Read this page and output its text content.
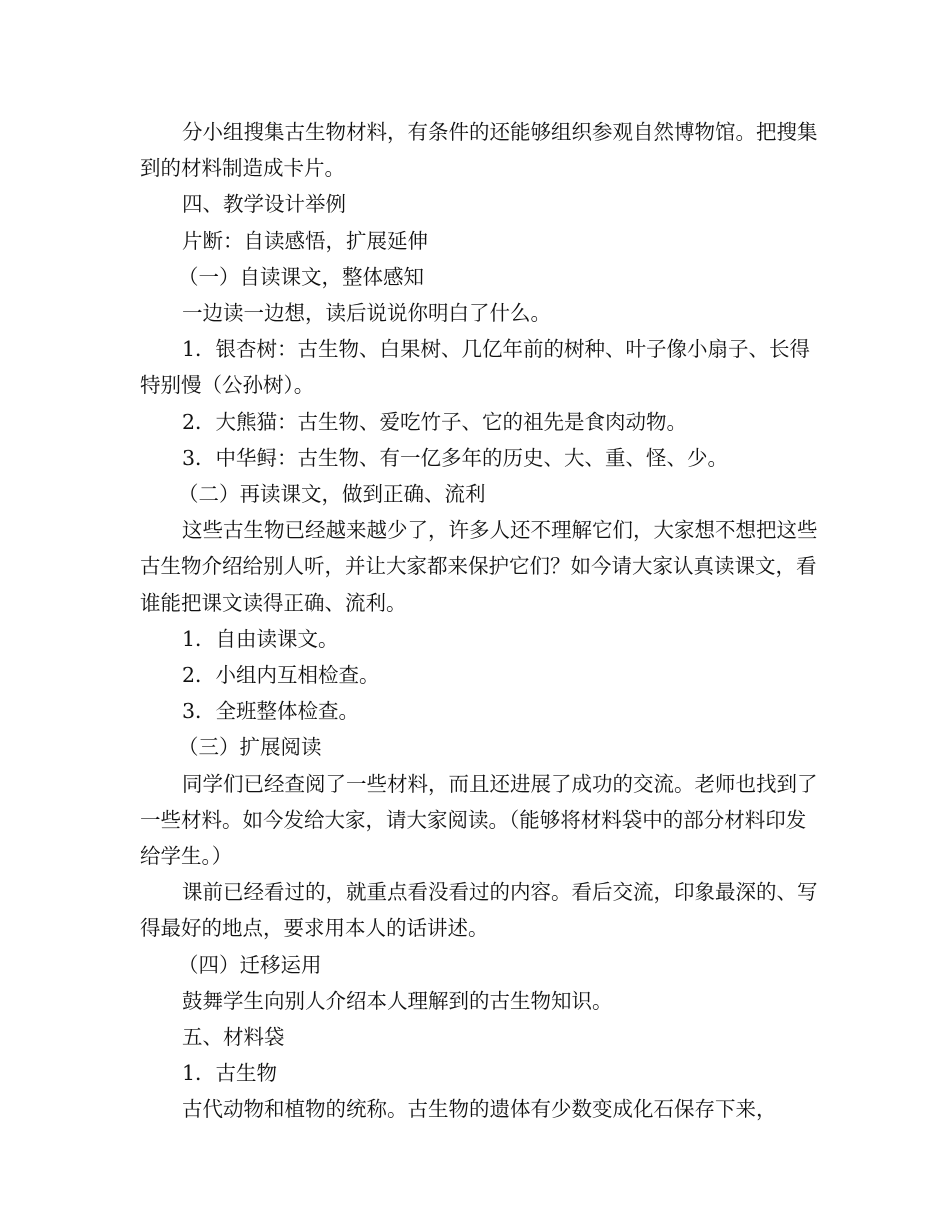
分小组搜集古生物材料，有条件的还能够组织参观自然博物馆。把搜集到的材料制造成卡片。

四、教学设计举例

片断：自读感悟，扩展延伸

（一）自读课文，整体感知

一边读一边想，读后说说你明白了什么。

1．银杏树：古生物、白果树、几亿年前的树种、叶子像小扇子、长得特别慢（公孙树）。

2．大熊猫：古生物、爱吃竹子、它的祖先是食肉动物。

3．中华鲟：古生物、有一亿多年的历史、大、重、怪、少。

（二）再读课文，做到正确、流利

这些古生物已经越来越少了，许多人还不理解它们，大家想不想把这些古生物介绍给别人听，并让大家都来保护它们？如今请大家认真读课文，看谁能把课文读得正确、流利。

1．自由读课文。

2．小组内互相检查。

3．全班整体检查。

（三）扩展阅读

同学们已经查阅了一些材料，而且还进展了成功的交流。老师也找到了一些材料。如今发给大家，请大家阅读。（能够将材料袋中的部分材料印发给学生。）

课前已经看过的，就重点看没看过的内容。看后交流，印象最深的、写得最好的地点，要求用本人的话讲述。

（四）迁移运用

鼓舞学生向别人介绍本人理解到的古生物知识。

五、材料袋

1．古生物

古代动物和植物的统称。古生物的遗体有少数变成化石保存下来，
